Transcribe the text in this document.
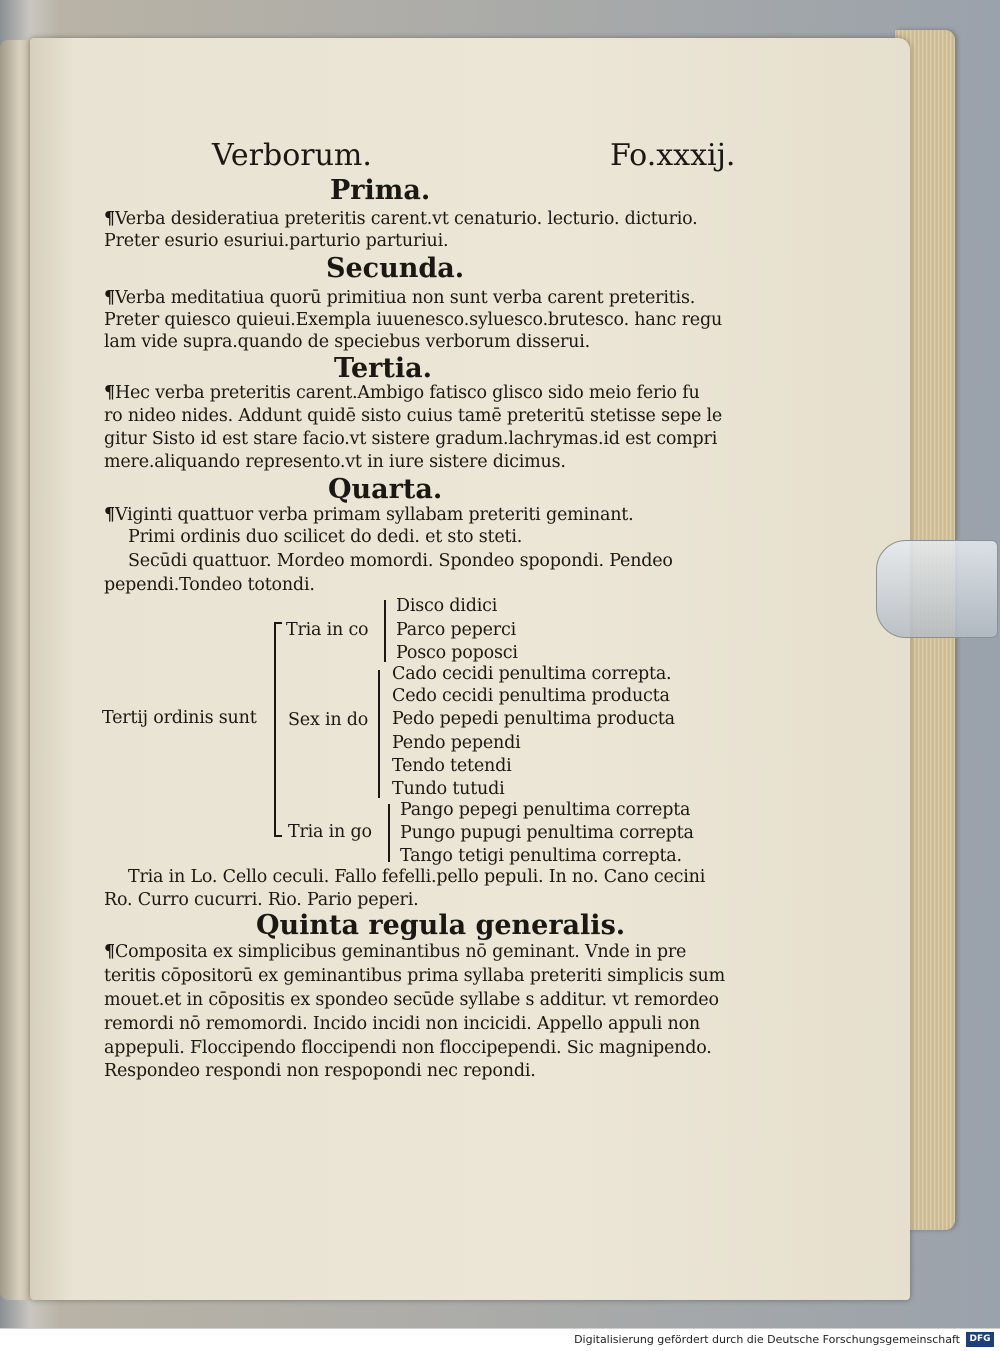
Verborum.	Fo.xxxij.
Prima.
¶Verba desideratiua preteritis carent.vt cenaturio. lecturio. dicturio.
Preter esurio esuriui.parturio parturiui.
Secunda.
¶Verba meditatiua quorū primitiua non sunt verba carent preteritis.
Preter quiesco quieui.Exempla iuuenesco.syluesco.brutesco. hanc regu
lam vide supra.quando de speciebus verborum disserui.
Tertia.
¶Hec verba preteritis carent.Ambigo fatisco glisco sido meio ferio fu
ro nideo nides. Addunt quidē sisto cuius tamē preteritū stetisse sepe le
gitur Sisto id est stare facio.vt sistere gradum.lachrymas.id est compri
mere.aliquando represento.vt in iure sistere dicimus.
Quarta.
¶Viginti quattuor verba primam syllabam preteriti geminant.
Primi ordinis duo scilicet do dedi. et sto steti.
Secūdi quattuor. Mordeo momordi. Spondeo spopondi. Pendeo
pependi.Tondeo totondi.
Tertij ordinis sunt
Tria in co
Disco didici
Parco peperci
Posco poposci
Sex in do
Cado cecidi penultima correpta.
Cedo cecidi penultima producta
Pedo pepedi penultima producta
Pendo pependi
Tendo tetendi
Tundo tutudi
Tria in go
Pango pepegi penultima correpta
Pungo pupugi penultima correpta
Tango tetigi penultima correpta.
Tria in Lo. Cello ceculi. Fallo fefelli.pello pepuli. In no. Cano cecini
Ro. Curro cucurri. Rio. Pario peperi.
Quinta regula generalis.
¶Composita ex simplicibus geminantibus nō geminant. Vnde in pre
teritis cōpositorū ex geminantibus prima syllaba preteriti simplicis sum
mouet.et in cōpositis ex spondeo secūde syllabe s additur. vt remordeo
remordi nō remomordi. Incido incidi non incicidi. Appello appuli non
appepuli. Floccipendo floccipendi non floccipependi. Sic magnipendo.
Respondeo respondi non respopondi nec repondi.
Digitalisierung gefördert durch die Deutsche Forschungsgemeinschaft	DFG
